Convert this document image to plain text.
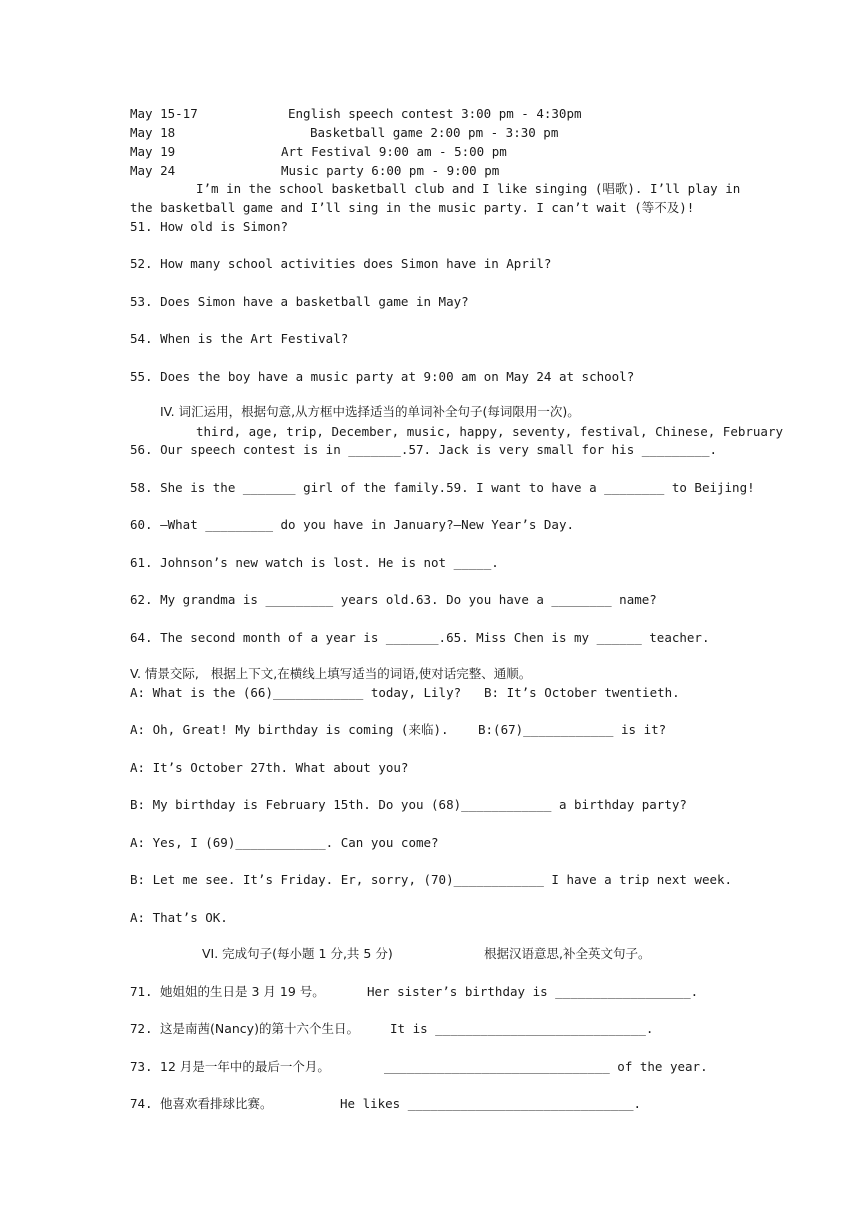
May 15-17	English speech contest 3:00 pm - 4:30pm
May 18	Basketball game 2:00 pm - 3:30 pm
May 19	Art Festival 9:00 am - 5:00 pm
May 24	Music party 6:00 pm - 9:00 pm
I’m in the school basketball club and I like singing (唱歌). I’ll play in
the basketball game and I’ll sing in the music party. I can’t wait (等不及)!
51. How old is Simon?
52. How many school activities does Simon have in April?
53. Does Simon have a basketball game in May?
54. When is the Art Festival?
55. Does the boy have a music party at 9:00 am on May 24 at school?
IV. 词汇运用，根据句意,从方框中选择适当的单词补全句子(每词限用一次)。
third, age, trip, December, music, happy, seventy, festival, Chinese, February
56. Our speech contest is in _______.57. Jack is very small for his _________.
58. She is the _______ girl of the family.59. I want to have a ________ to Beijing!
60. —What _________ do you have in January?—New Year’s Day.
61. Johnson’s new watch is lost. He is not _____.
62. My grandma is _________ years old.63. Do you have a ________ name?
64. The second month of a year is _______.65. Miss Chen is my ______ teacher.
V. 情景交际,   根据上下文,在横线上填写适当的词语,使对话完整、通顺。
A: What is the (66)____________ today, Lily? B: It’s October twentieth.
A: Oh, Great! My birthday is coming (来临). B:(67)____________ is it?
A: It’s October 27th. What about you?
B: My birthday is February 15th. Do you (68)____________ a birthday party?
A: Yes, I (69)____________. Can you come?
B: Let me see. It’s Friday. Er, sorry, (70)____________ I have a trip next week.
A: That’s OK.
VI. 完成句子(每小题 1 分,共 5 分)	根据汉语意思,补全英文句子。
71. 她姐姐的生日是 3 月 19 号。	Her sister’s birthday is __________________.
72. 这是南茜(Nancy)的第十六个生日。 It is ____________________________.
73. 12 月是一年中的最后一个月。	______________________________ of the year.
74. 他喜欢看排球比赛。	He likes ______________________________.
